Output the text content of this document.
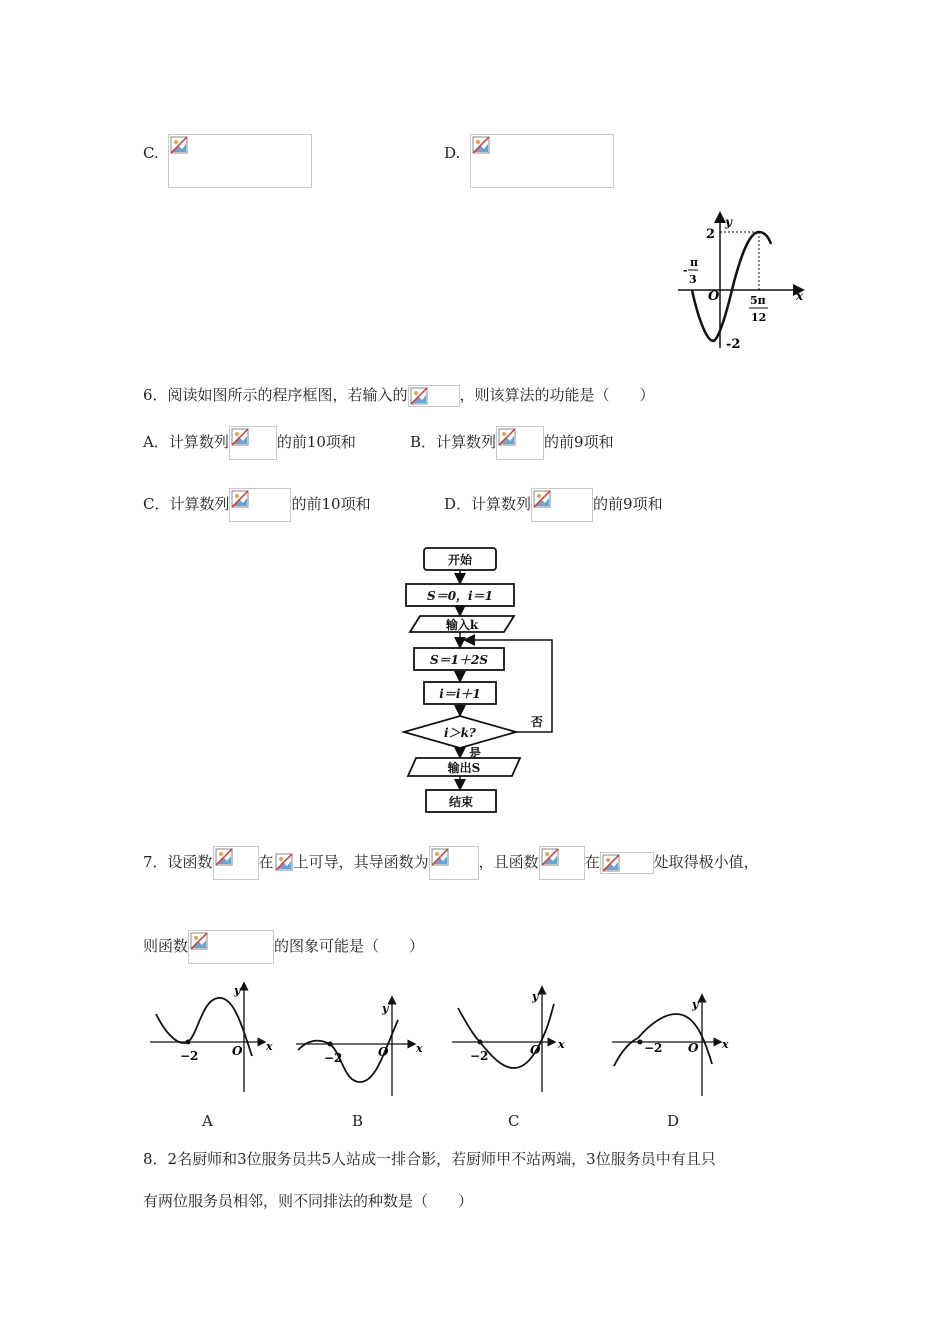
C.	D.
y
x
O
2
-2
π
-
3
5π
12
6．阅读如图所示的程序框图，若输入的	，则该算法的功能是（　　）
A．计算数列	的前10项和	B．计算数列	的前9项和
C．计算数列	的前10项和	D．计算数列	的前9项和
开始
S＝0，i＝1
输入k
S＝1＋2S
i＝i＋1
i＞k?
否
是
输出S
结束
7．设函数	在 上可导，其导函数为	，且函数	在	处取得极小值，
则函数	的图象可能是（　　）
−2	O
y
x
−2	O
y
x
−2	O
y
x	−2 O
y
x
A	B	C	D
8．2名厨师和3位服务员共5人站成一排合影，若厨师甲不站两端，3位服务员中有且只
有两位服务员相邻，则不同排法的种数是（　　）
